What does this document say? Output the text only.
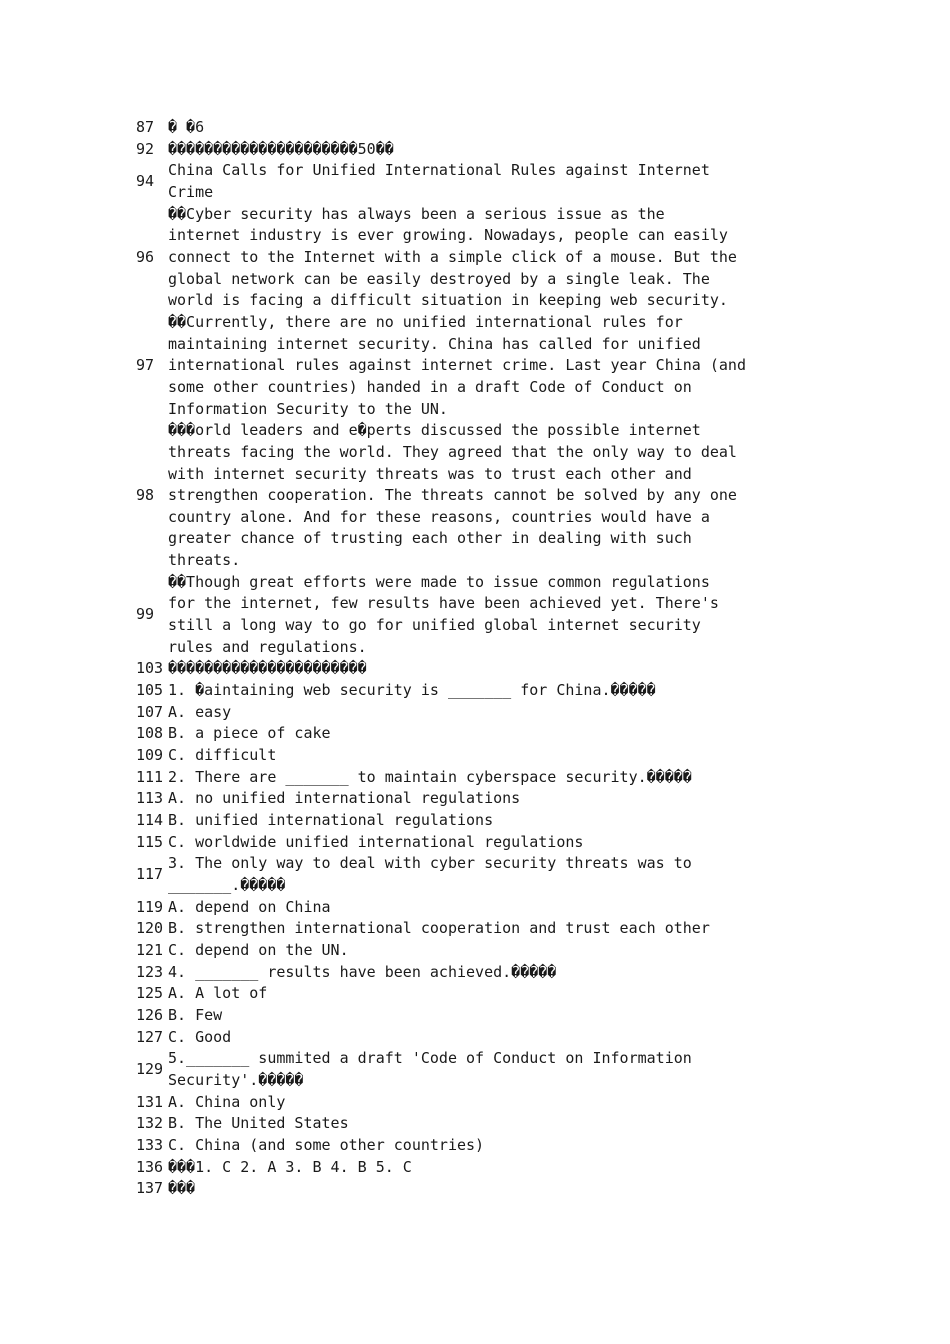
87 � �6
92 ���������������������50��
94
China Calls for Unified International Rules against Internet
Crime
96
��Cyber security has always been a serious issue as the
internet industry is ever growing. Nowadays, people can easily
connect to the Internet with a simple click of a mouse. But the
global network can be easily destroyed by a single leak. The
world is facing a difficult situation in keeping web security.
97
��Currently, there are no unified international rules for
maintaining internet security. China has called for unified
international rules against internet crime. Last year China (and
some other countries) handed in a draft Code of Conduct on
Information Security to the UN.
98
���orld leaders and e�perts discussed the possible internet
threats facing the world. They agreed that the only way to deal
with internet security threats was to trust each other and
strengthen cooperation. The threats cannot be solved by any one
country alone. And for these reasons, countries would have a
greater chance of trusting each other in dealing with such
threats.
99
��Though great efforts were made to issue common regulations
for the internet, few results have been achieved yet. There's
still a long way to go for unified global internet security
rules and regulations.
103 ����������������������
105 1. �aintaining web security is _______ for China.�����
107 A. easy
108 B. a piece of cake
109 C. difficult
111 2. There are _______ to maintain cyberspace security.�����
113 A. no unified international regulations
114 B. unified international regulations
115 C. worldwide unified international regulations
117
3. The only way to deal with cyber security threats was to
_______.�����
119 A. depend on China
120 B. strengthen international cooperation and trust each other
121 C. depend on the UN.
123 4. _______ results have been achieved.�����
125 A. A lot of
126 B. Few
127 C. Good
129
5._______ summited a draft 'Code of Conduct on Information
Security'.�����
131 A. China only
132 B. The United States
133 C. China (and some other countries)
136 ���1. C 2. A 3. B 4. B 5. C
137 ���
